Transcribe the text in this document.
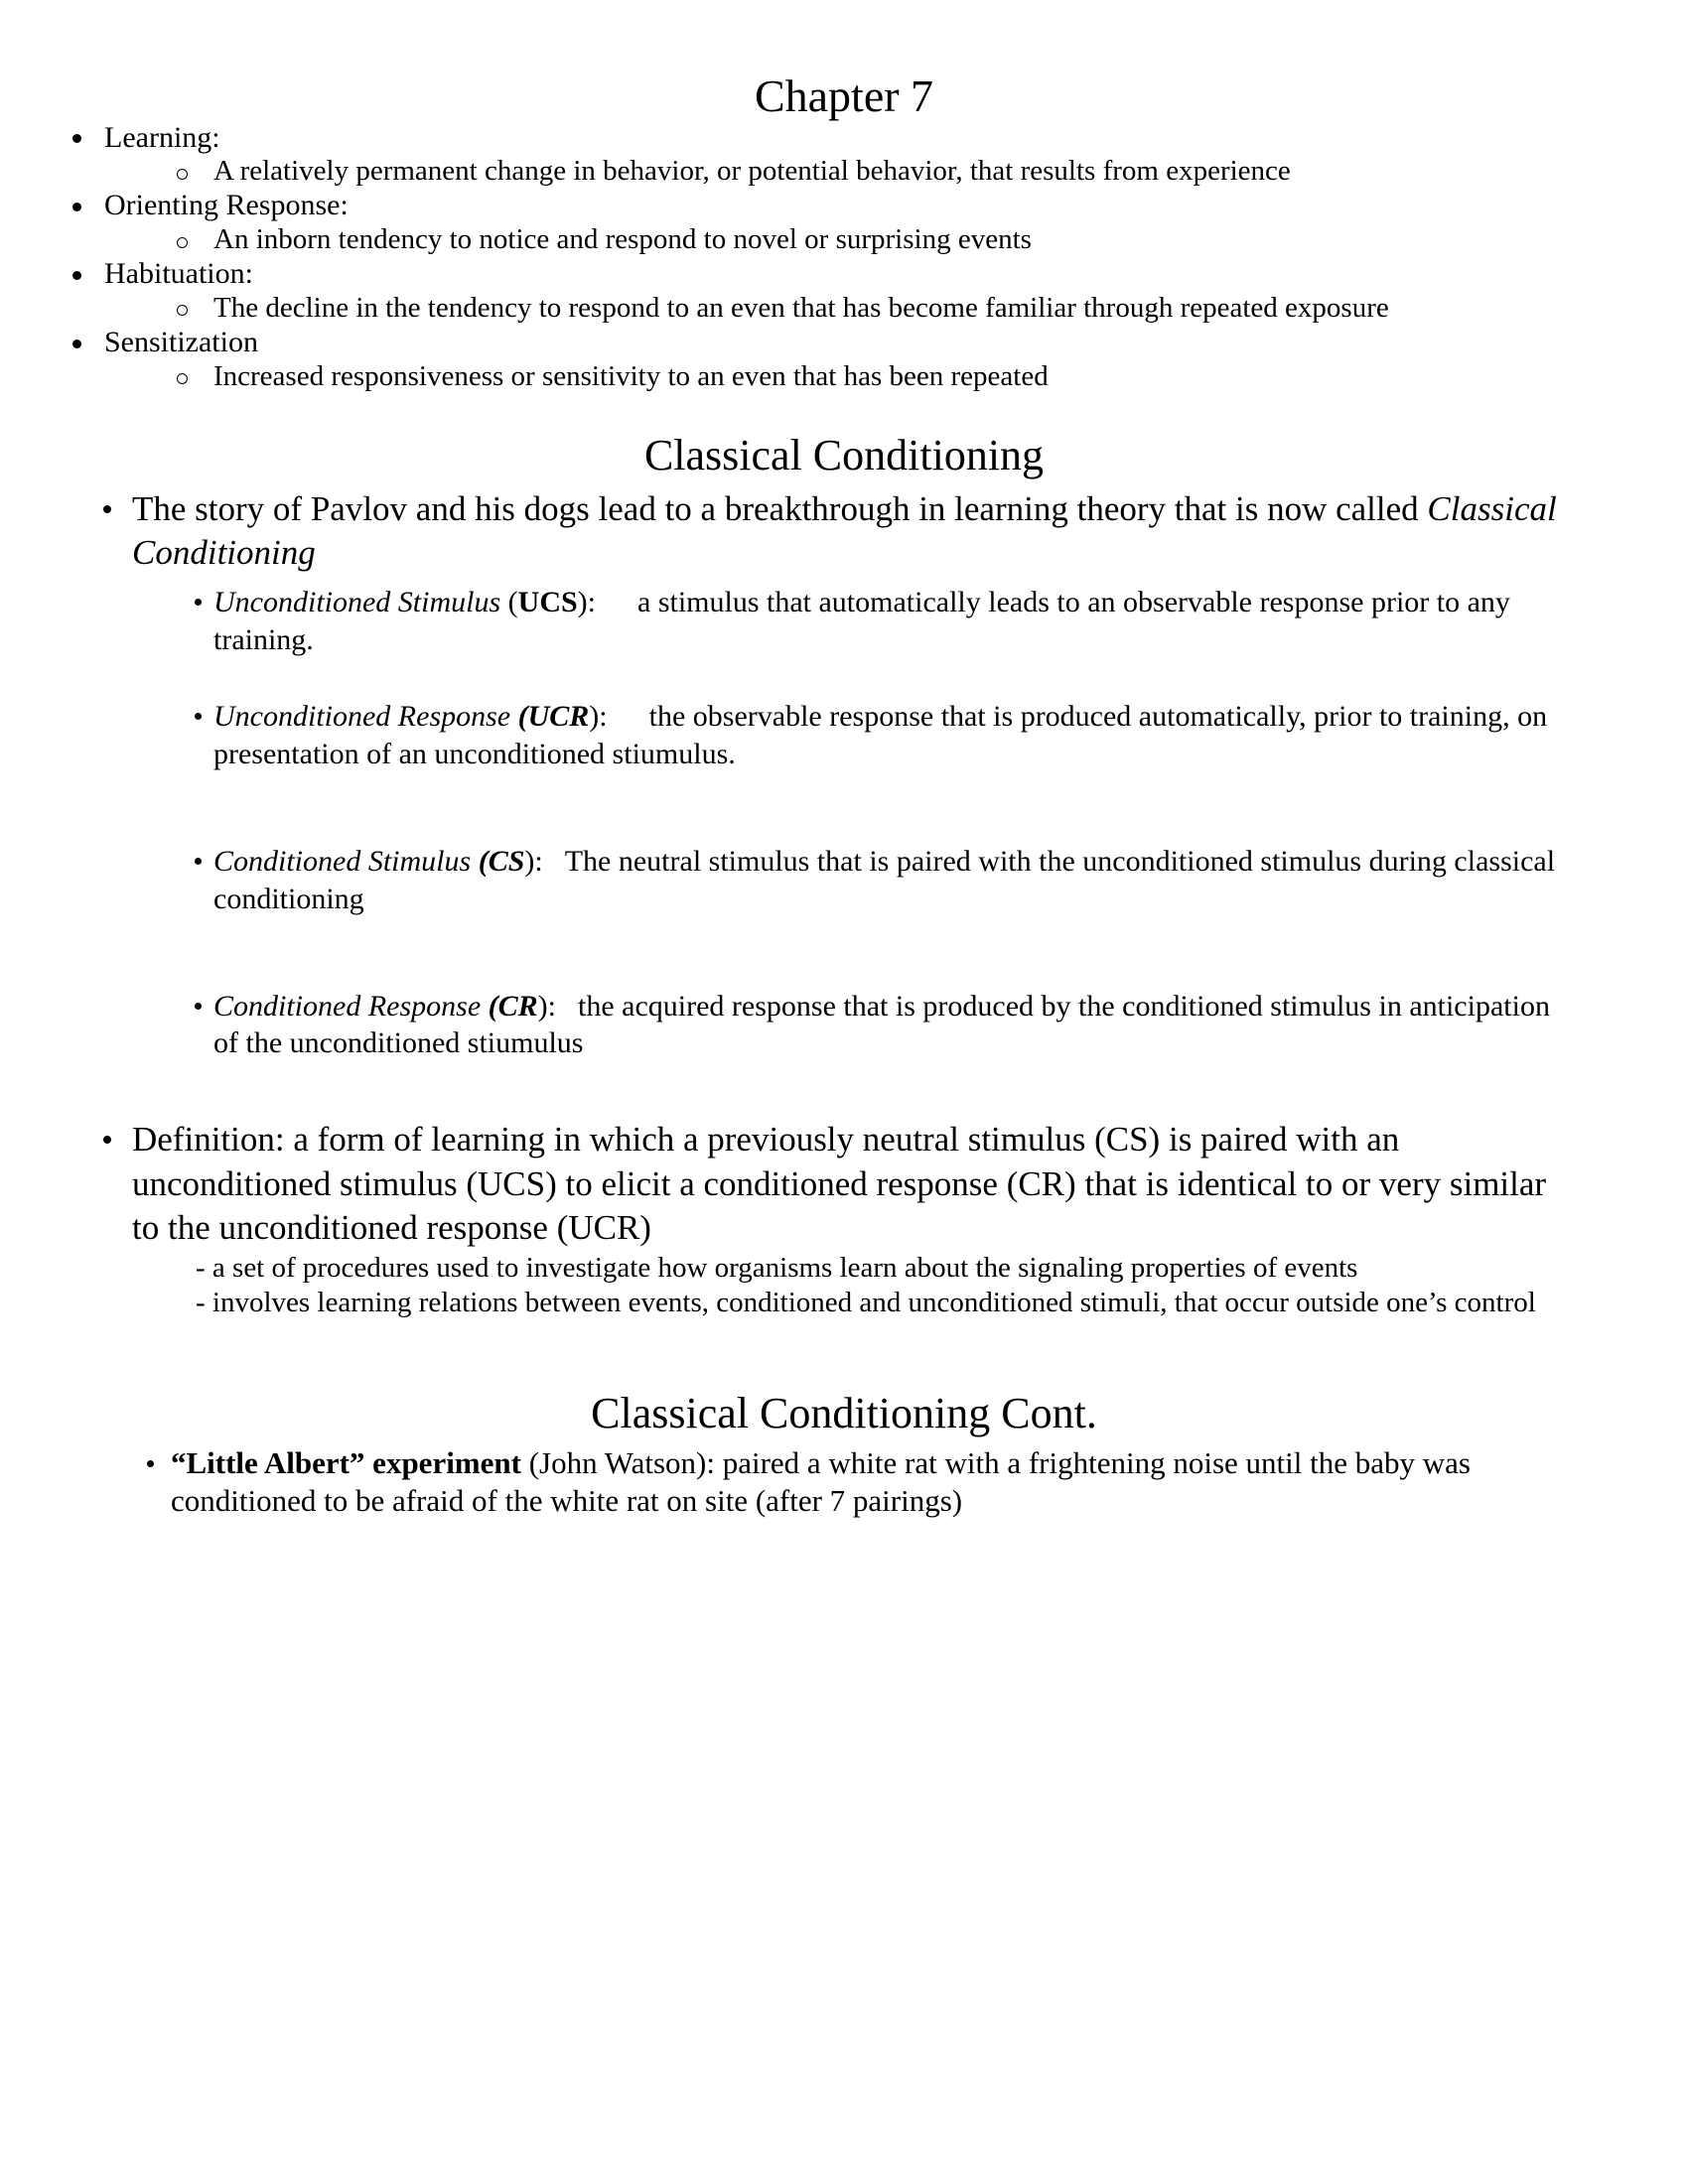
Chapter 7
Learning:
A relatively permanent change in behavior, or potential behavior, that results from experience
Orienting Response:
An inborn tendency to notice and respond to novel or surprising events
Habituation:
The decline in the tendency to respond to an even that has become familiar through repeated exposure
Sensitization
Increased responsiveness or sensitivity to an even that has been repeated
Classical Conditioning
The story of Pavlov and his dogs lead to a breakthrough in learning theory that is now called Classical Conditioning
Unconditioned Stimulus (UCS): a stimulus that automatically leads to an observable response prior to any training.
Unconditioned Response (UCR): the observable response that is produced automatically, prior to training, on presentation of an unconditioned stiumulus.
Conditioned Stimulus (CS): The neutral stimulus that is paired with the unconditioned stimulus during classical conditioning
Conditioned Response (CR): the acquired response that is produced by the conditioned stimulus in anticipation of the unconditioned stiumulus
Definition: a form of learning in which a previously neutral stimulus (CS) is paired with an unconditioned stimulus (UCS) to elicit a conditioned response (CR) that is identical to or very similar to the unconditioned response (UCR)
- a set of procedures used to investigate how organisms learn about the signaling properties of events
- involves learning relations between events, conditioned and unconditioned stimuli, that occur outside one’s control
Classical Conditioning Cont.
“Little Albert” experiment (John Watson): paired a white rat with a frightening noise until the baby was conditioned to be afraid of the white rat on site (after 7 pairings)
